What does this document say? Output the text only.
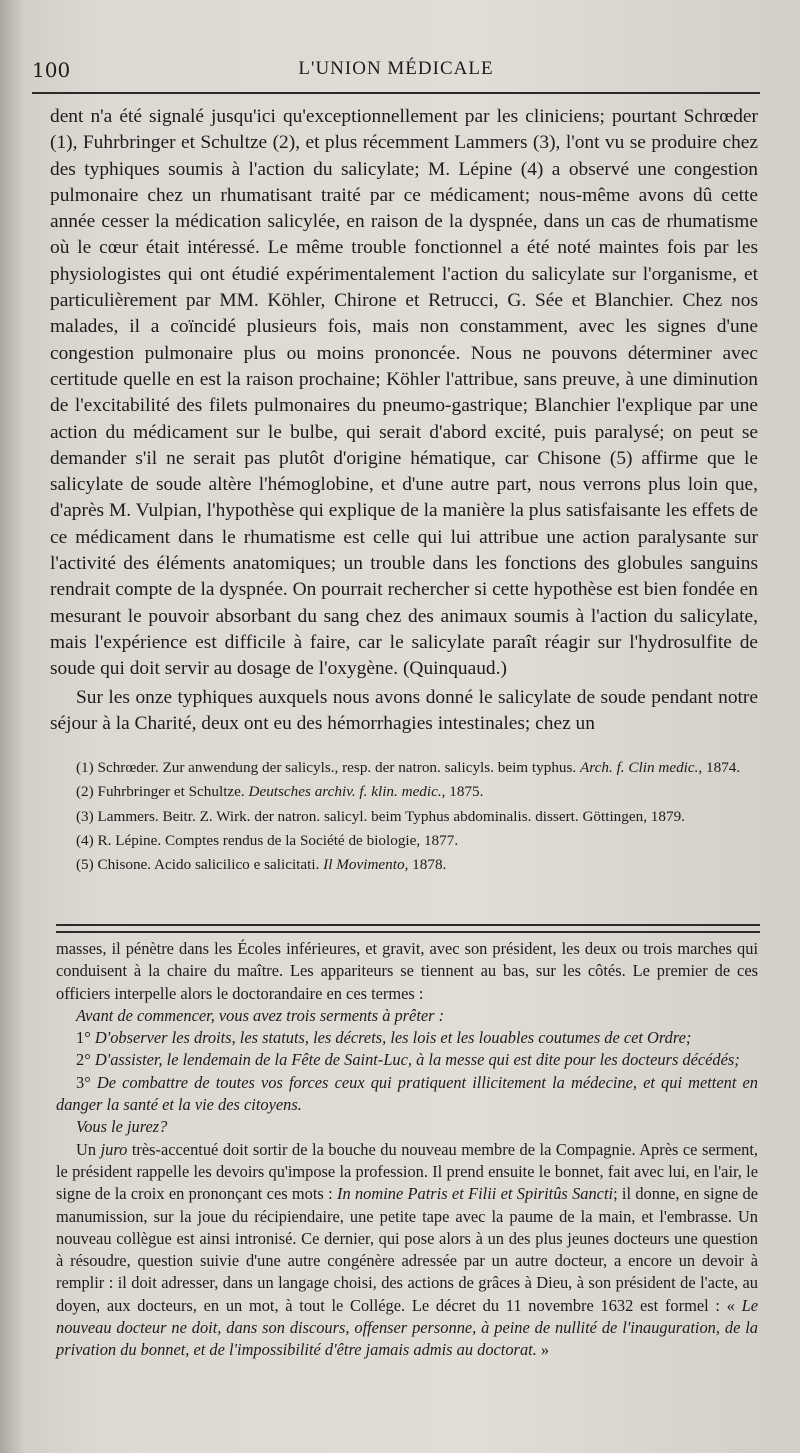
100	L'UNION MÉDICALE

dent n'a été signalé jusqu'ici qu'exceptionnellement par les cliniciens; pourtant Schrœder (1), Fuhrbringer et Schultze (2), et plus récemment Lammers (3), l'ont vu se produire chez des typhiques soumis à l'action du salicylate; M. Lépine (4) a observé une congestion pulmonaire chez un rhumatisant traité par ce médicament; nous-même avons dû cette année cesser la médication salicylée, en raison de la dyspnée, dans un cas de rhumatisme où le cœur était intéressé. Le même trouble fonctionnel a été noté maintes fois par les physiologistes qui ont étudié expérimentalement l'action du salicylate sur l'organisme, et particulièrement par MM. Köhler, Chirone et Retrucci, G. Sée et Blanchier. Chez nos malades, il a coïncidé plusieurs fois, mais non constamment, avec les signes d'une congestion pulmonaire plus ou moins prononcée. Nous ne pouvons déterminer avec certitude quelle en est la raison prochaine; Köhler l'attribue, sans preuve, à une diminution de l'excitabilité des filets pulmonaires du pneumo-gastrique; Blanchier l'explique par une action du médicament sur le bulbe, qui serait d'abord excité, puis paralysé; on peut se demander s'il ne serait pas plutôt d'origine hématique, car Chisone (5) affirme que le salicylate de soude altère l'hémoglobine, et d'une autre part, nous verrons plus loin que, d'après M. Vulpian, l'hypothèse qui explique de la manière la plus satisfaisante les effets de ce médicament dans le rhumatisme est celle qui lui attribue une action paralysante sur l'activité des éléments anatomiques; un trouble dans les fonctions des globules sanguins rendrait compte de la dyspnée. On pourrait rechercher si cette hypothèse est bien fondée en mesurant le pouvoir absorbant du sang chez des animaux soumis à l'action du salicylate, mais l'expérience est difficile à faire, car le salicylate paraît réagir sur l'hydrosulfite de soude qui doit servir au dosage de l'oxygène. (Quinquaud.)

Sur les onze typhiques auxquels nous avons donné le salicylate de soude pendant notre séjour à la Charité, deux ont eu des hémorrhagies intestinales; chez un

(1) Schrœder. Zur anwendung der salicyls., resp. der natron. salicyls. beim typhus. Arch. f. Clin medic., 1874.

(2) Fuhrbringer et Schultze. Deutsches archiv. f. klin. medic., 1875.

(3) Lammers. Beitr. Z. Wirk. der natron. salicyl. beim Typhus abdominalis. dissert. Göttingen, 1879.

(4) R. Lépine. Comptes rendus de la Société de biologie, 1877.

(5) Chisone. Acido salicilico e salicitati. Il Movimento, 1878.

masses, il pénètre dans les Écoles inférieures, et gravit, avec son président, les deux ou trois marches qui conduisent à la chaire du maître. Les appariteurs se tiennent au bas, sur les côtés. Le premier de ces officiers interpelle alors le doctorandaire en ces termes :

Avant de commencer, vous avez trois serments à prêter :

1° D'observer les droits, les statuts, les décrets, les lois et les louables coutumes de cet Ordre;

2° D'assister, le lendemain de la Fête de Saint-Luc, à la messe qui est dite pour les docteurs décédés;

3° De combattre de toutes vos forces ceux qui pratiquent illicitement la médecine, et qui mettent en danger la santé et la vie des citoyens.

Vous le jurez?

Un juro très-accentué doit sortir de la bouche du nouveau membre de la Compagnie. Après ce serment, le président rappelle les devoirs qu'impose la profession. Il prend ensuite le bonnet, fait avec lui, en l'air, le signe de la croix en prononçant ces mots : In nomine Patris et Filii et Spiritûs Sancti; il donne, en signe de manumission, sur la joue du récipiendaire, une petite tape avec la paume de la main, et l'embrasse. Un nouveau collègue est ainsi intronisé. Ce dernier, qui pose alors à un des plus jeunes docteurs une question à résoudre, question suivie d'une autre congénère adressée par un autre docteur, a encore un devoir à remplir : il doit adresser, dans un langage choisi, des actions de grâces à Dieu, à son président de l'acte, au doyen, aux docteurs, en un mot, à tout le Collége. Le décret du 11 novembre 1632 est formel : « Le nouveau docteur ne doit, dans son discours, offenser personne, à peine de nullité de l'inauguration, de la privation du bonnet, et de l'impossibilité d'être jamais admis au doctorat. »
